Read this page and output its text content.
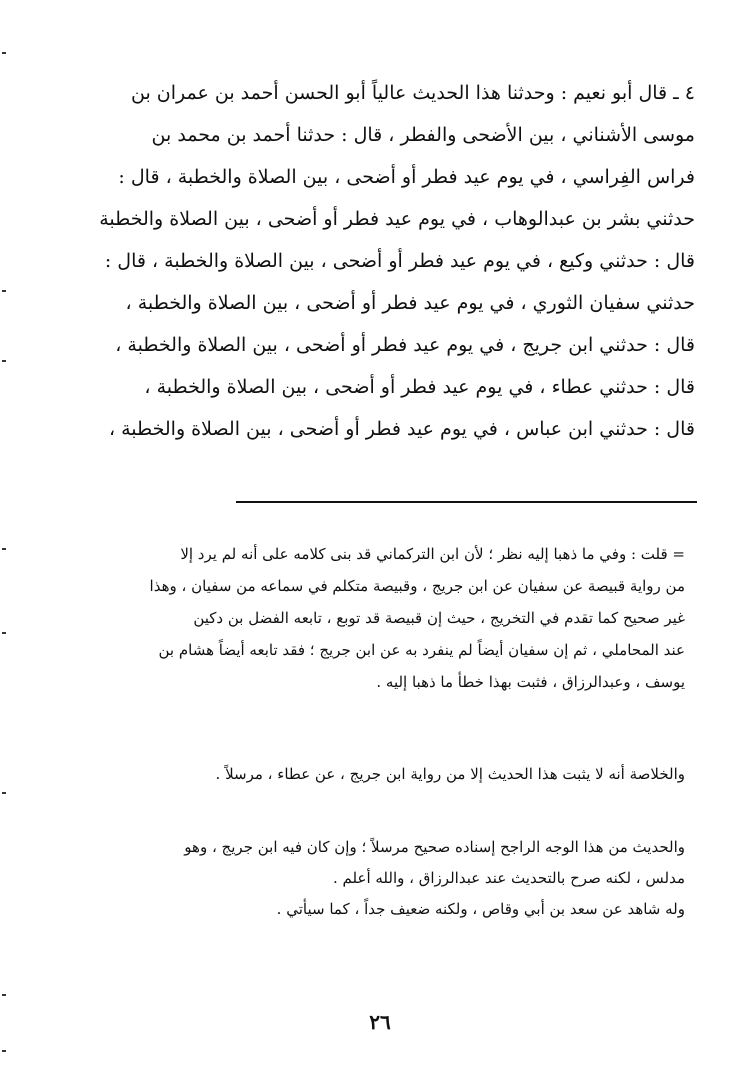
٤ ـ قال أبو نعيم : وحدثنا هذا الحديث عالياً أبو الحسن أحمد بن عمران بن
موسى الأشناني ، بين الأضحى والفطر ، قال : حدثنا أحمد بن محمد بن
فراس الفِراسي ، في يوم عيد فطر أو أضحى ، بين الصلاة والخطبة ، قال :
حدثني بشر بن عبدالوهاب ، في يوم عيد فطر أو أضحى ، بين الصلاة والخطبة
قال : حدثني وكيع ، في يوم عيد فطر أو أضحى ، بين الصلاة والخطبة ، قال :
حدثني سفيان الثوري ، في يوم عيد فطر أو أضحى ، بين الصلاة والخطبة ،
قال : حدثني ابن جريج ، في يوم عيد فطر أو أضحى ، بين الصلاة والخطبة ،
قال : حدثني عطاء ، في يوم عيد فطر أو أضحى ، بين الصلاة والخطبة ،
قال : حدثني ابن عباس ، في يوم عيد فطر أو أضحى ، بين الصلاة والخطبة ،
= قلت : وفي ما ذهبا إليه نظر ؛ لأن ابن التركماني قد بنى كلامه على أنه لم يرد إلا
من رواية قبيصة عن سفيان عن ابن جريج ، وقبيصة متكلم في سماعه من سفيان ، وهذا
غير صحيح كما تقدم في التخريج ، حيث إن قبيصة قد توبع ، تابعه الفضل بن دكين
عند المحاملي ، ثم إن سفيان أيضاً لم ينفرد به عن ابن جريج ؛ فقد تابعه أيضاً هشام بن
يوسف ، وعبدالرزاق ، فثبت بهذا خطأ ما ذهبا إليه .
والخلاصة أنه لا يثبت هذا الحديث إلا من رواية ابن جريج ، عن عطاء ، مرسلاً .
والحديث من هذا الوجه الراجح إسناده صحيح مرسلاً ؛ وإن كان فيه ابن جريج ، وهو
مدلس ، لكنه صرح بالتحديث عند عبدالرزاق ، والله أعلم .
وله شاهد عن سعد بن أبي وقاص ، ولكنه ضعيف جداً ، كما سيأتي .
٢٦
